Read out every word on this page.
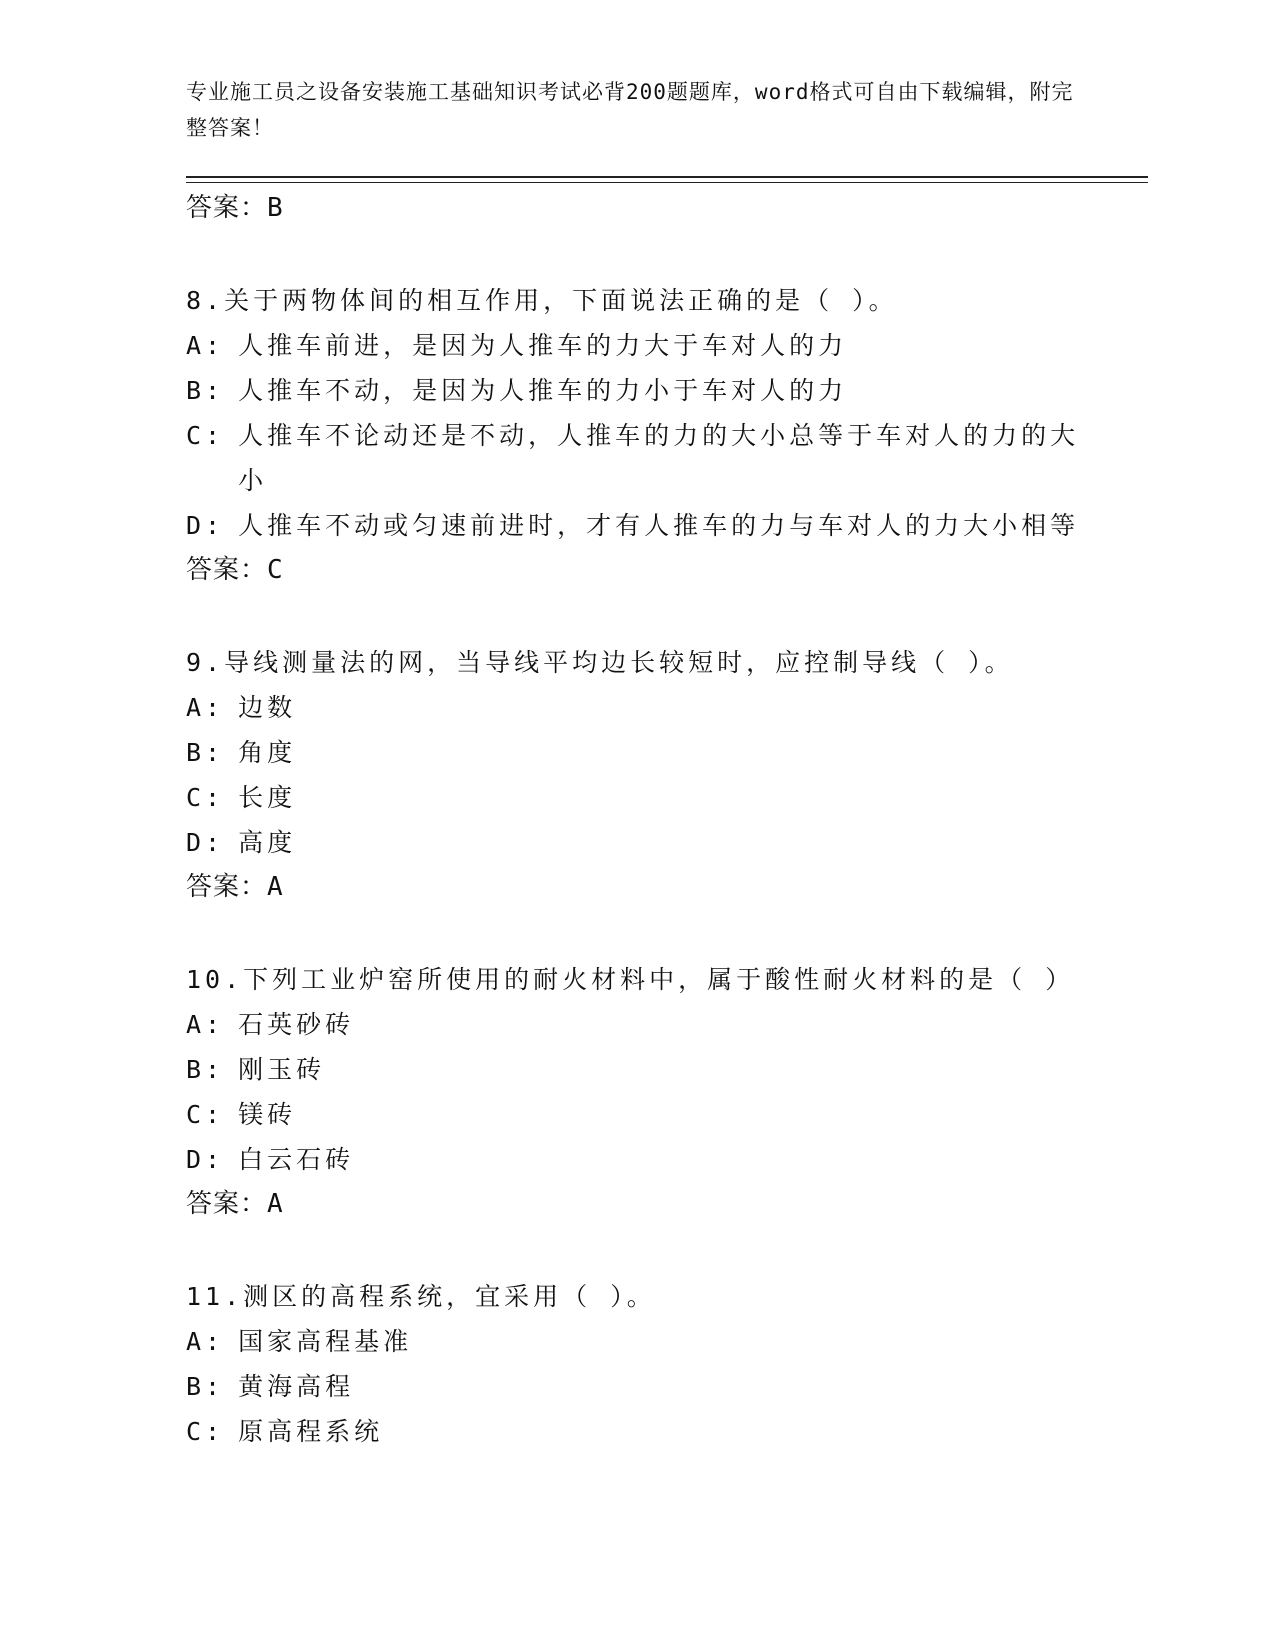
专业施工员之设备安装施工基础知识考试必背200题题库，word格式可自由下载编辑，附完整答案！
答案：B
8.关于两物体间的相互作用，下面说法正确的是（ ）。
A: 人推车前进，是因为人推车的力大于车对人的力
B: 人推车不动，是因为人推车的力小于车对人的力
C: 人推车不论动还是不动，人推车的力的大小总等于车对人的力的大小
D: 人推车不动或匀速前进时，才有人推车的力与车对人的力大小相等
答案：C
9.导线测量法的网，当导线平均边长较短时，应控制导线（ ）。
A: 边数
B: 角度
C: 长度
D: 高度
答案：A
10.下列工业炉窑所使用的耐火材料中，属于酸性耐火材料的是（ ）
A: 石英砂砖
B: 刚玉砖
C: 镁砖
D: 白云石砖
答案：A
11.测区的高程系统，宜采用（ ）。
A: 国家高程基准
B: 黄海高程
C: 原高程系统
